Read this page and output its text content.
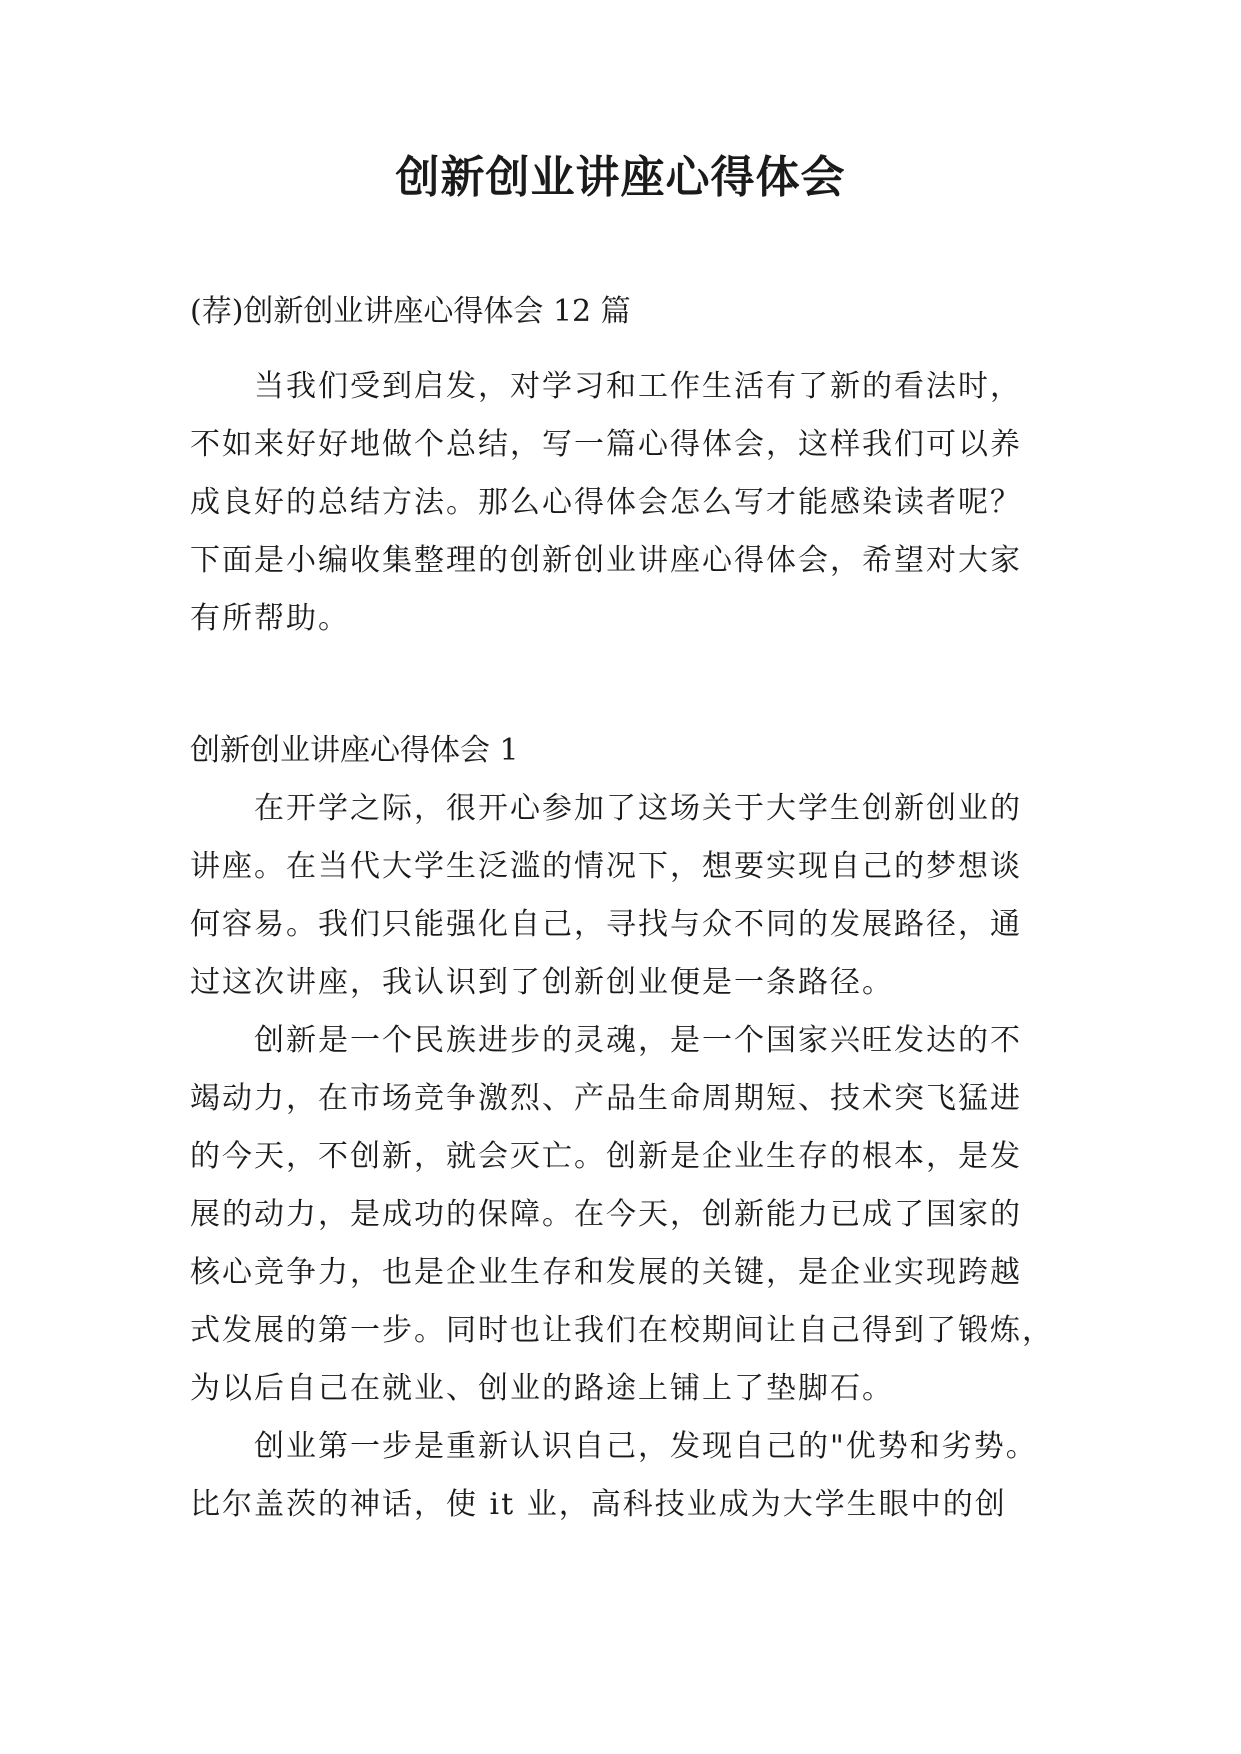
创新创业讲座心得体会

(荐)创新创业讲座心得体会 12 篇

当我们受到启发，对学习和工作生活有了新的看法时，

不如来好好地做个总结，写一篇心得体会，这样我们可以养

成良好的总结方法。那么心得体会怎么写才能感染读者呢？

下面是小编收集整理的创新创业讲座心得体会，希望对大家

有所帮助。

创新创业讲座心得体会 1

在开学之际，很开心参加了这场关于大学生创新创业的

讲座。在当代大学生泛滥的情况下，想要实现自己的梦想谈

何容易。我们只能强化自己，寻找与众不同的发展路径，通

过这次讲座，我认识到了创新创业便是一条路径。

创新是一个民族进步的灵魂，是一个国家兴旺发达的不

竭动力，在市场竞争激烈、产品生命周期短、技术突飞猛进

的今天，不创新，就会灭亡。创新是企业生存的根本，是发

展的动力，是成功的保障。在今天，创新能力已成了国家的

核心竞争力，也是企业生存和发展的关键，是企业实现跨越

式发展的第一步。同时也让我们在校期间让自己得到了锻炼，

为以后自己在就业、创业的路途上铺上了垫脚石。

创业第一步是重新认识自己，发现自己的"优势和劣势。

比尔盖茨的神话，使 it 业，高科技业成为大学生眼中的创
